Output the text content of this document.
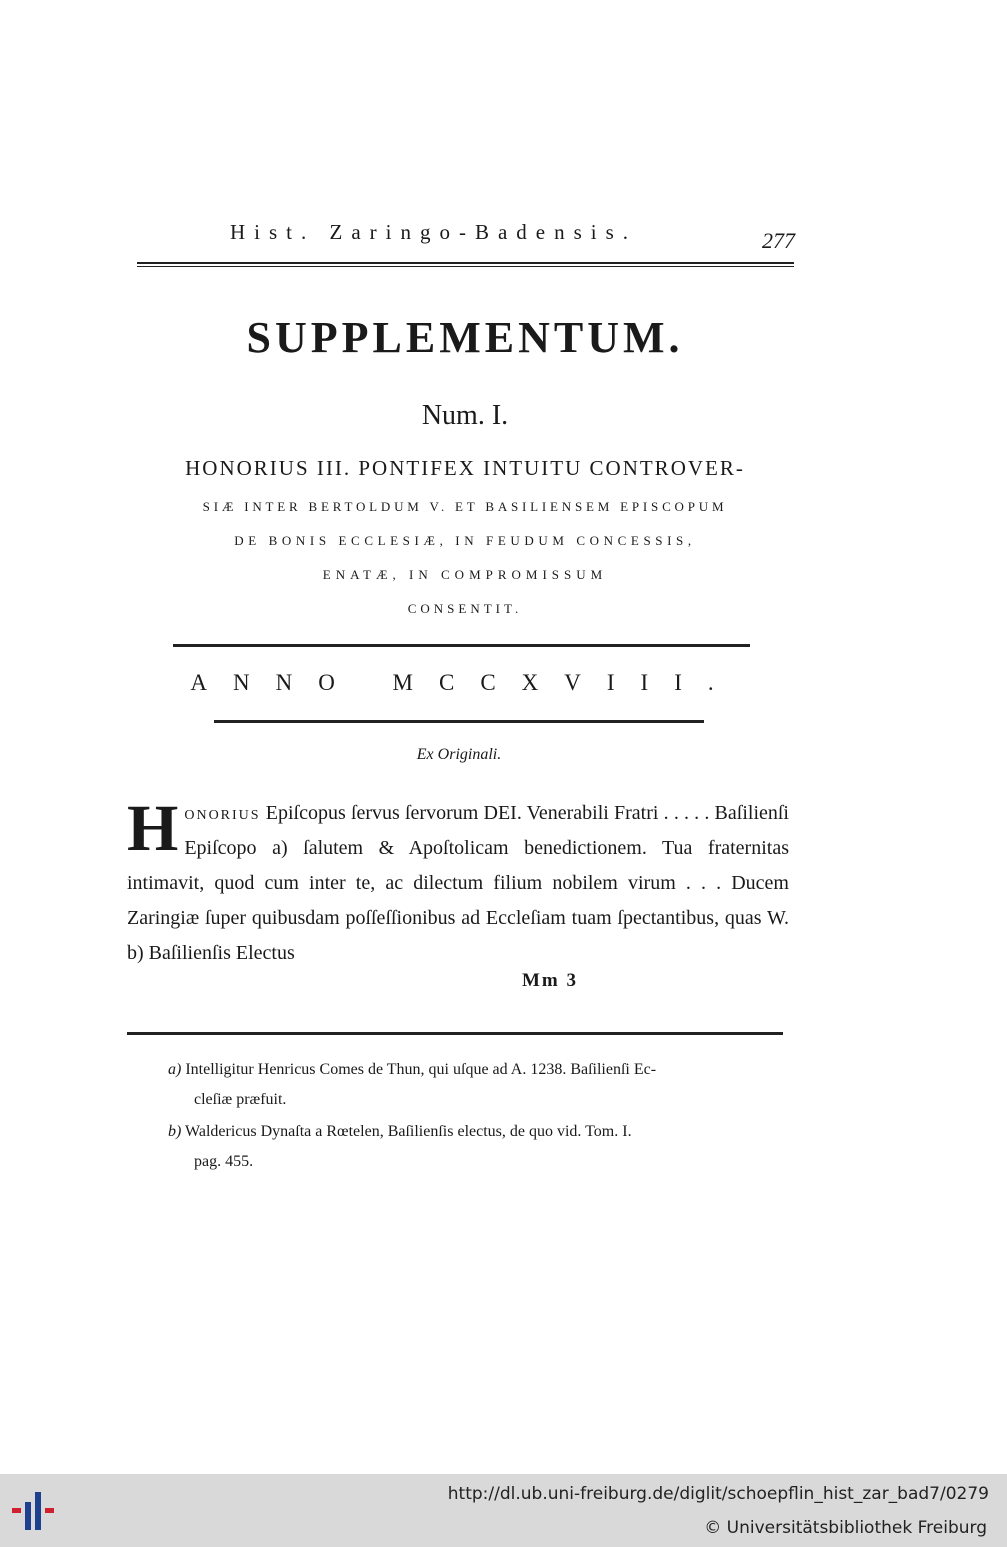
Hist. Zaringo-Badensis.	277
SUPPLEMENTUM.
Num. I.
HONORIUS III. PONTIFEX INTUITU CONTROVER-
SIÆ INTER BERTOLDUM V. ET BASILIENSEM EPISCOPUM
DE BONIS ECCLESIÆ, IN FEUDUM CONCESSIS,
ENATÆ, IN COMPROMISSUM
CONSENTIT.
ANNO MCCXVIII.
Ex Originali.
Honorius Epiſcopus ſervus ſervorum DEI. Venerabili Fratri . . . . . Baſilienſi Epiſcopo a) ſalutem & Apoſtolicam benedictionem. Tua fraternitas intimavit, quod cum inter te, ac dilectum filium nobilem virum . . . Ducem Zaringiæ ſuper quibusdam poſſeſſionibus ad Eccleſiam tuam ſpectantibus, quas W. b) Baſilienſis Electus
Mm 3
a) Intelligitur Henricus Comes de Thun, qui uſque ad A. 1238. Baſilienſi Ec-
cleſiæ præfuit.
b) Waldericus Dynaſta a Rœtelen, Baſilienſis electus, de quo vid. Tom. I.
pag. 455.
http://dl.ub.uni-freiburg.de/diglit/schoepflin_hist_zar_bad7/0279
© Universitätsbibliothek Freiburg
